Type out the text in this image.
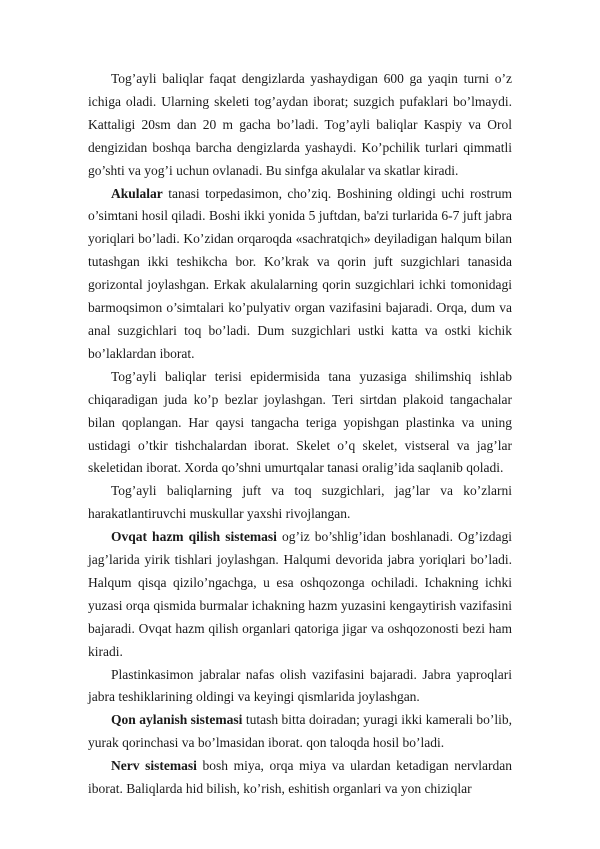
Tog’ayli baliqlar faqat dengizlarda yashaydigan 600 ga yaqin turni o’z ichiga oladi. Ularning skeleti tog’aydan iborat; suzgich pufaklari bo’lmaydi. Kattaligi 20sm dan 20 m gacha bo’ladi. Tog’ayli baliqlar Kaspiy va Orol dengizidan boshqa barcha dengizlarda yashaydi. Ko’pchilik turlari qimmatli go’shti va yog’i uchun ovlanadi. Bu sinfga akulalar va skatlar kiradi.

Akulalar tanasi torpedasimon, cho’ziq. Boshining oldingi uchi rostrum o’simtani hosil qiladi. Boshi ikki yonida 5 juftdan, ba'zi turlarida 6-7 juft jabra yoriqlari bo’ladi. Ko’zidan orqaroqda «sachratqich» deyiladigan halqum bilan tutashgan ikki teshikcha bor. Ko’krak va qorin juft suzgichlari tanasida gorizontal joylashgan. Erkak akulalarning qorin suzgichlari ichki tomonidagi barmoqsimon o’simtalari ko’pulyativ organ vazifasini bajaradi. Orqa, dum va anal suzgichlari toq bo’ladi. Dum suzgichlari ustki katta va ostki kichik bo’laklardan iborat.

Tog’ayli baliqlar terisi epidermisida tana yuzasiga shilimshiq ishlab chiqaradigan juda ko’p bezlar joylashgan. Teri sirtdan plakoid tangachalar bilan qoplangan. Har qaysi tangacha teriga yopishgan plastinka va uning ustidagi o’tkir tishchalardan iborat. Skelet o’q skelet, vistseral va jag’lar skeletidan iborat. Xorda qo’shni umurtqalar tanasi oralig’ida saqlanib qoladi.

Tog’ayli baliqlarning juft va toq suzgichlari, jag’lar va ko’zlarni harakatlantiruvchi muskullar yaxshi rivojlangan.

Ovqat hazm qilish sistemasi og’iz bo’shlig’idan boshlanadi. Og’izdagi jag’larida yirik tishlari joylashgan. Halqumi devorida jabra yoriqlari bo’ladi. Halqum qisqa qizilo’ngachga, u esa oshqozonga ochiladi. Ichakning ichki yuzasi orqa qismida burmalar ichakning hazm yuzasini kengaytirish vazifasini bajaradi. Ovqat hazm qilish organlari qatoriga jigar va oshqozonosti bezi ham kiradi.

Plastinkasimon jabralar nafas olish vazifasini bajaradi. Jabra yaproqlari jabra teshiklarining oldingi va keyingi qismlarida joylashgan.

Qon aylanish sistemasi tutash bitta doiradan; yuragi ikki kamerali bo’lib, yurak qorinchasi va bo’lmasidan iborat. qon taloqda hosil bo’ladi.

Nerv sistemasi bosh miya, orqa miya va ulardan ketadigan nervlardan iborat. Baliqlarda hid bilish, ko’rish, eshitish organlari va yon chiziqlar
